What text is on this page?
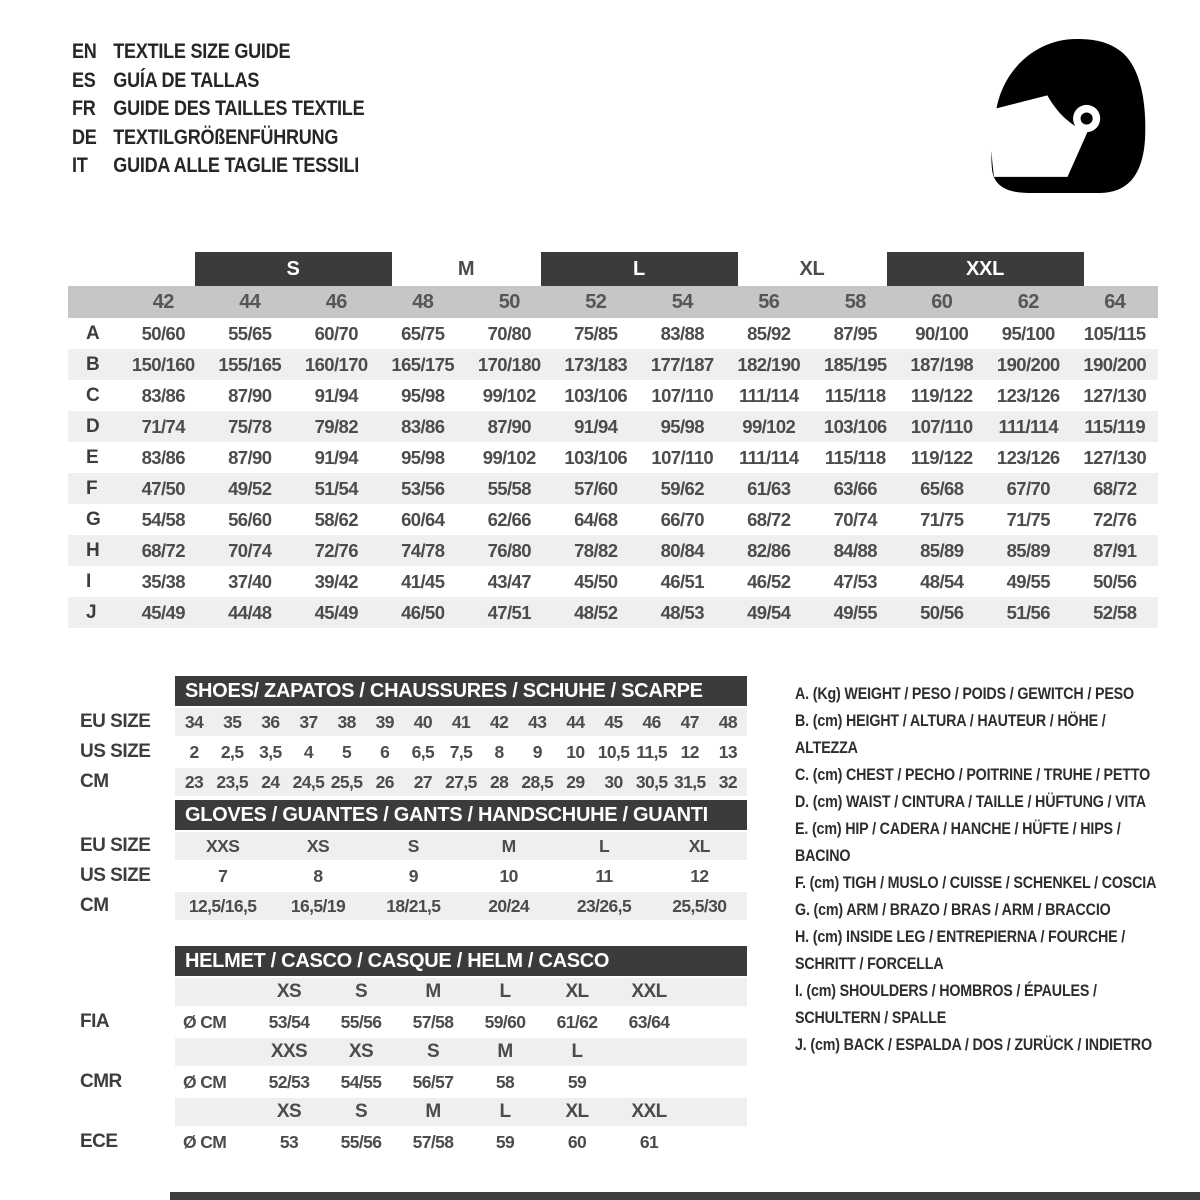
EN TEXTILE SIZE GUIDE
ES GUÍA DE TALLAS
FR GUIDE DES TAILLES TEXTILE
DE TEXTILGRÖßENFÜHRUNG
IT	GUIDA ALLE TAGLIE TESSILI
S	M	L	XL	XXL
42	44	46	48	50	52	54	56	58	60	62	64
A	50/60	55/65	60/70	65/75	70/80	75/85	83/88	85/92	87/95	90/100	95/100	105/115
B	150/160	155/165	160/170	165/175	170/180	173/183	177/187	182/190	185/195	187/198	190/200	190/200
C	83/86	87/90	91/94	95/98	99/102	103/106	107/110	111/114	115/118	119/122	123/126	127/130
D	71/74	75/78	79/82	83/86	87/90	91/94	95/98	99/102	103/106	107/110	111/114	115/119
E	83/86	87/90	91/94	95/98	99/102	103/106	107/110	111/114	115/118	119/122	123/126	127/130
F	47/50	49/52	51/54	53/56	55/58	57/60	59/62	61/63	63/66	65/68	67/70	68/72
G	54/58	56/60	58/62	60/64	62/66	64/68	66/70	68/72	70/74	71/75	71/75	72/76
H	68/72	70/74	72/76	74/78	76/80	78/82	80/84	82/86	84/88	85/89	85/89	87/91
I	35/38	37/40	39/42	41/45	43/47	45/50	46/51	46/52	47/53	48/54	49/55	50/56
J	45/49	44/48	45/49	46/50	47/51	48/52	48/53	49/54	49/55	50/56	51/56	52/58
SHOES/ ZAPATOS / CHAUSSURES / SCHUHE / SCARPE
EU SIZE	34	35	36	37	38	39	40	41	42	43	44	45	46	47	48
US SIZE	2	2,5 3,5	4	5	6	6,5 7,5	8	9	10 10,5 11,5 12	13
CM	23 23,5 24 24,5 25,5 26	27 27,5 28 28,5 29	30 30,5 31,5 32
GLOVES / GUANTES / GANTS / HANDSCHUHE / GUANTI
EU SIZE	XXS	XS	S	M	L	XL
US SIZE	7	8	9	10	11	12
CM	12,5/16,5	16,5/19	18/21,5	20/24	23/26,5	25,5/30
HELMET / CASCO / CASQUE / HELM / CASCO
XS	S	M	L	XL	XXL
FIA	Ø CM	53/54	55/56	57/58	59/60	61/62	63/64
XXS	XS	S	M	L
CMR	Ø CM	52/53	54/55	56/57	58	59
XS	S	M	L	XL	XXL
ECE	Ø CM	53	55/56	57/58	59	60	61
A. (Kg) WEIGHT / PESO / POIDS / GEWITCH / PESO
B. (cm) HEIGHT / ALTURA / HAUTEUR / HÖHE / ALTEZZA
C. (cm) CHEST / PECHO / POITRINE / TRUHE / PETTO
D. (cm) WAIST / CINTURA / TAILLE / HÜFTUNG / VITA
E. (cm) HIP / CADERA / HANCHE / HÜFTE / HIPS / BACINO
F. (cm) TIGH / MUSLO / CUISSE / SCHENKEL / COSCIA
G. (cm) ARM / BRAZO / BRAS / ARM / BRACCIO
H. (cm) INSIDE LEG / ENTREPIERNA / FOURCHE / SCHRITT / FORCELLA
I. (cm) SHOULDERS / HOMBROS / ÉPAULES / SCHULTERN / SPALLE
J. (cm) BACK / ESPALDA / DOS / ZURÜCK / INDIETRO
